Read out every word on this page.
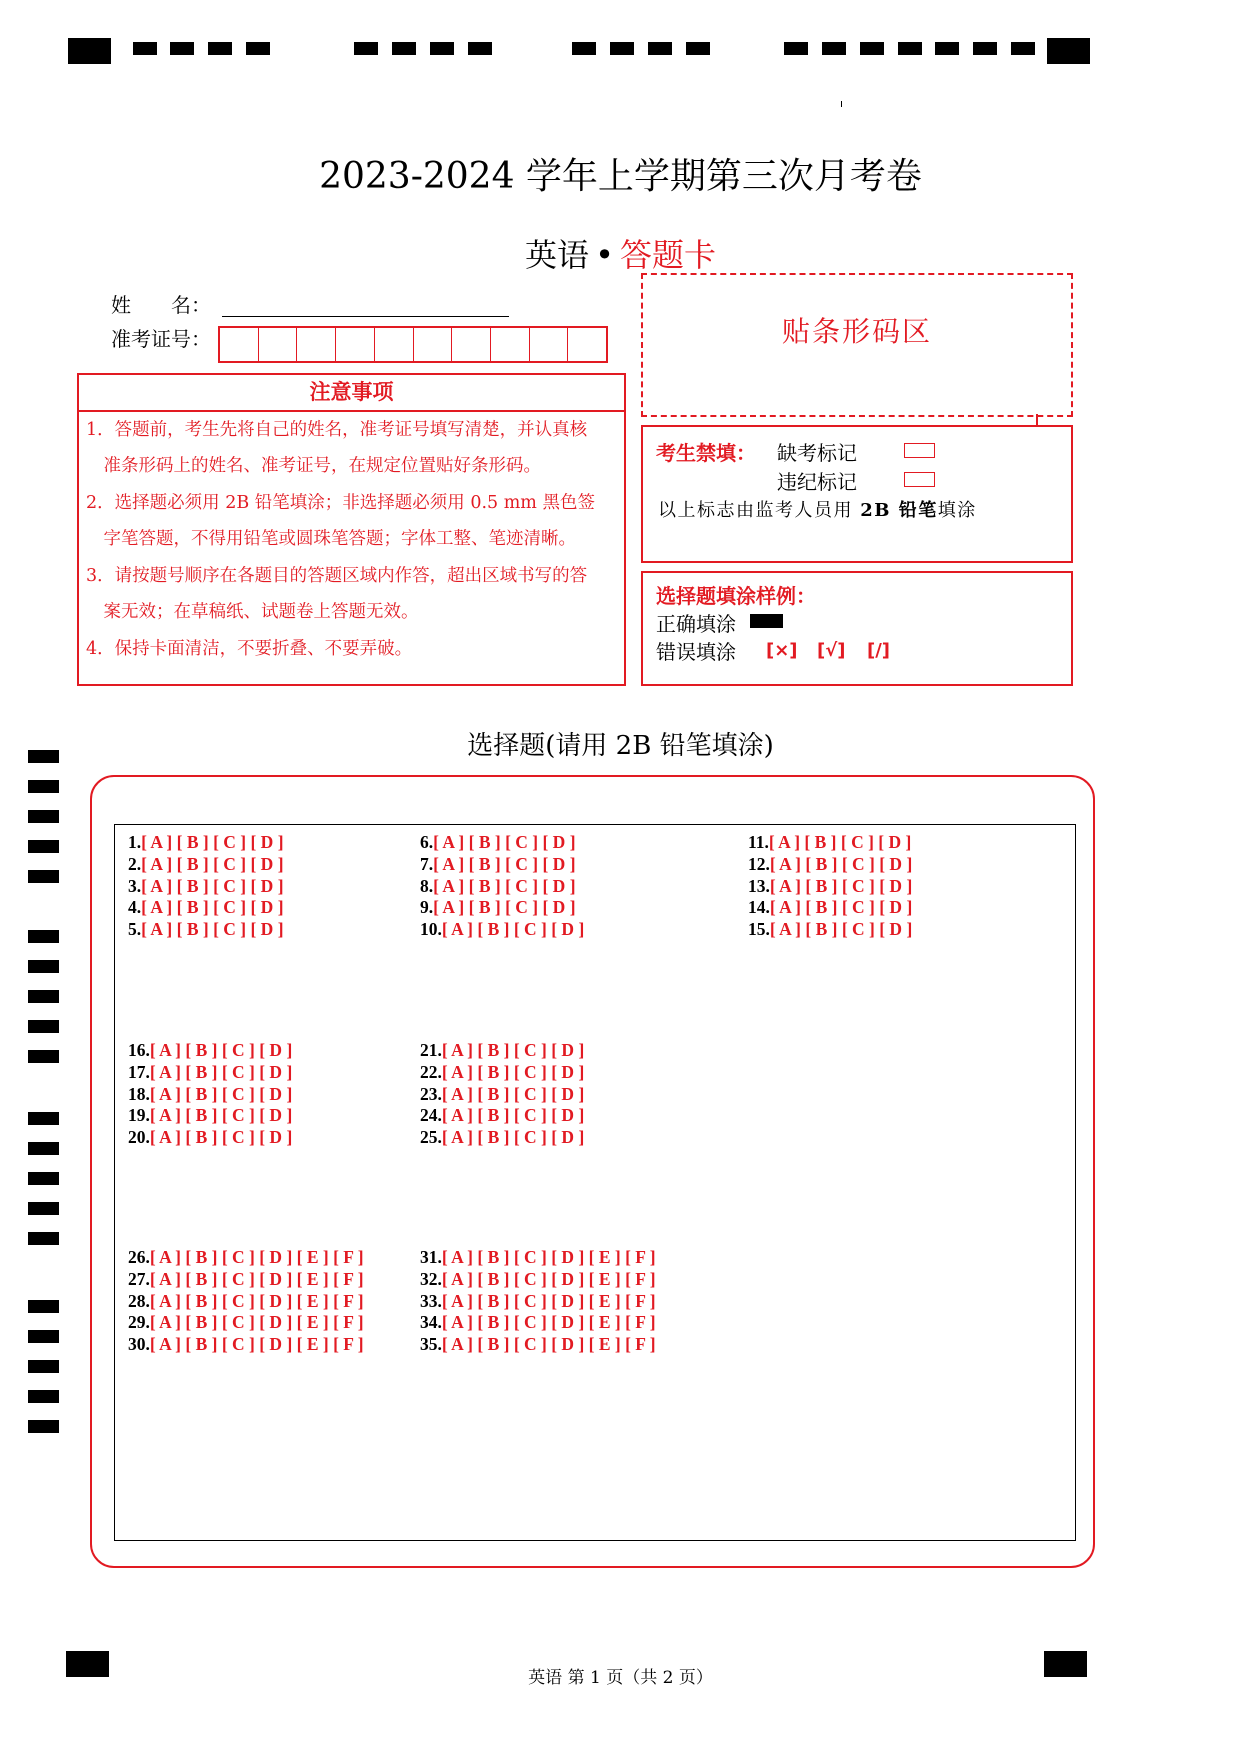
2023-2024 学年上学期第三次月考卷
英语 • 答题卡
姓　　名：
准考证号：	贴条形码区
注意事项
1．答题前，考生先将自己的姓名，准考证号填写清楚，并认真核
　准条形码上的姓名、准考证号，在规定位置贴好条形码。
2．选择题必须用 2B 铅笔填涂；非选择题必须用 0.5 mm 黑色签
　字笔答题，不得用铅笔或圆珠笔答题；字体工整、笔迹清晰。
3．请按题号顺序在各题目的答题区域内作答，超出区域书写的答
　案无效；在草稿纸、试题卷上答题无效。
4．保持卡面清洁，不要折叠、不要弄破。
考生禁填： 缺考标记
违纪标记
以上标志由监考人员用 2B 铅笔填涂
选择题填涂样例：
正确填涂
错误填涂 [×] [√] [/]
选择题(请用 2B 铅笔填涂)
1.[ A ] [ B ] [ C ] [ D ]
2.[ A ] [ B ] [ C ] [ D ]
3.[ A ] [ B ] [ C ] [ D ]
4.[ A ] [ B ] [ C ] [ D ]
5.[ A ] [ B ] [ C ] [ D ]
6.[ A ] [ B ] [ C ] [ D ]
7.[ A ] [ B ] [ C ] [ D ]
8.[ A ] [ B ] [ C ] [ D ]
9.[ A ] [ B ] [ C ] [ D ]
10.[ A ] [ B ] [ C ] [ D ]
11.[ A ] [ B ] [ C ] [ D ]
12.[ A ] [ B ] [ C ] [ D ]
13.[ A ] [ B ] [ C ] [ D ]
14.[ A ] [ B ] [ C ] [ D ]
15.[ A ] [ B ] [ C ] [ D ]
16.[ A ] [ B ] [ C ] [ D ]
17.[ A ] [ B ] [ C ] [ D ]
18.[ A ] [ B ] [ C ] [ D ]
19.[ A ] [ B ] [ C ] [ D ]
20.[ A ] [ B ] [ C ] [ D ]
21.[ A ] [ B ] [ C ] [ D ]
22.[ A ] [ B ] [ C ] [ D ]
23.[ A ] [ B ] [ C ] [ D ]
24.[ A ] [ B ] [ C ] [ D ]
25.[ A ] [ B ] [ C ] [ D ]
26.[ A ] [ B ] [ C ] [ D ] [ E ] [ F ]
27.[ A ] [ B ] [ C ] [ D ] [ E ] [ F ]
28.[ A ] [ B ] [ C ] [ D ] [ E ] [ F ]
29.[ A ] [ B ] [ C ] [ D ] [ E ] [ F ]
30.[ A ] [ B ] [ C ] [ D ] [ E ] [ F ]
31.[ A ] [ B ] [ C ] [ D ] [ E ] [ F ]
32.[ A ] [ B ] [ C ] [ D ] [ E ] [ F ]
33.[ A ] [ B ] [ C ] [ D ] [ E ] [ F ]
34.[ A ] [ B ] [ C ] [ D ] [ E ] [ F ]
35.[ A ] [ B ] [ C ] [ D ] [ E ] [ F ]
英语 第 1 页（共 2 页）
